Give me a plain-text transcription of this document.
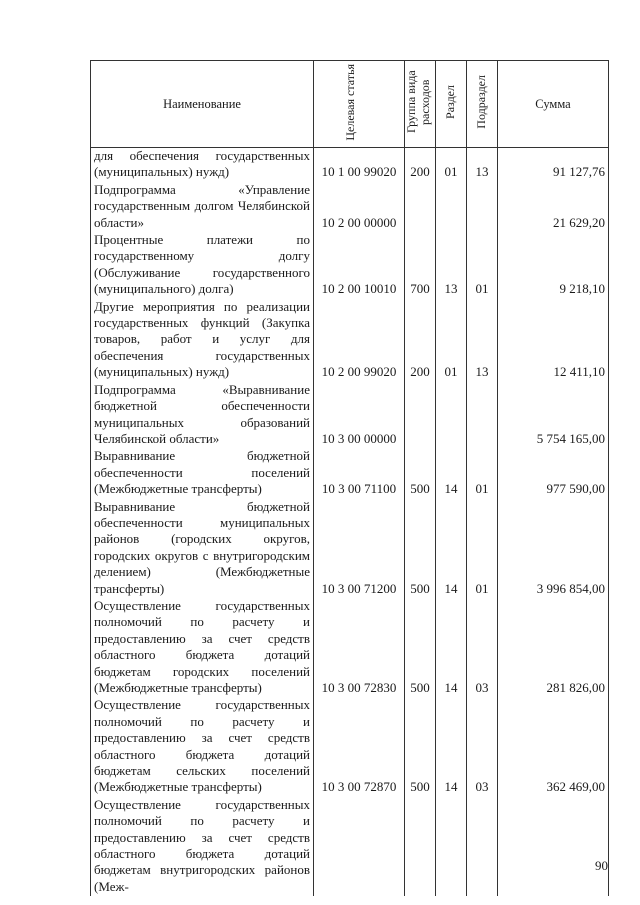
Наименование	Целевая статья	Группа вида расходов	Раздел	Подраздел	Сумма
для обеспечения государственных (муниципальных) нужд)	10 1 00 99020	200	01	13	91 127,76
Подпрограмма «Управление государственным долгом Челябинской области»	10 2 00 00000				21 629,20
Процентные платежи по государственному долгу (Обслуживание государственного (муниципального) долга)	10 2 00 10010	700	13	01	9 218,10
Другие мероприятия по реализации государственных функций (Закупка товаров, работ и услуг для обеспечения государственных (муниципальных) нужд)	10 2 00 99020	200	01	13	12 411,10
Подпрограмма «Выравнивание бюджетной обеспеченности муниципальных образований Челябинской области»	10 3 00 00000				5 754 165,00
Выравнивание бюджетной обеспеченности поселений (Межбюджетные трансферты)	10 3 00 71100	500	14	01	977 590,00
Выравнивание бюджетной обеспеченности муниципальных районов (городских округов, городских округов с внутригородским делением) (Межбюджетные трансферты)	10 3 00 71200	500	14	01	3 996 854,00
Осуществление государственных полномочий по расчету и предоставлению за счет средств областного бюджета дотаций бюджетам городских поселений (Межбюджетные трансферты)	10 3 00 72830	500	14	03	281 826,00
Осуществление государственных полномочий по расчету и предоставлению за счет средств областного бюджета дотаций бюджетам сельских поселений (Межбюджетные трансферты)	10 3 00 72870	500	14	03	362 469,00
Осуществление государственных полномочий по расчету и предоставлению за счет средств областного бюджета дотаций бюджетам внутригородских районов (Меж-					
90
